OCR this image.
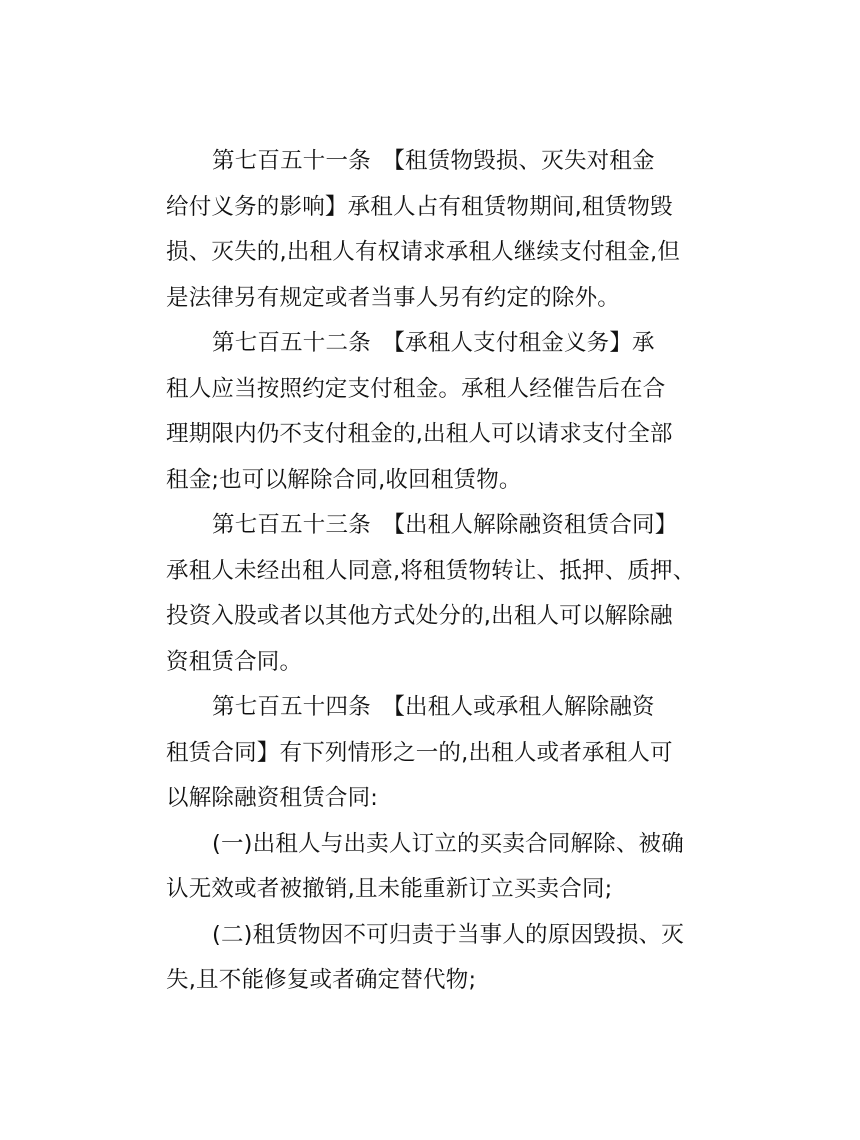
第七百五十一条　【租赁物毁损、灭失对租金
给付义务的影响】承租人占有租赁物期间,租赁物毁
损、灭失的,出租人有权请求承租人继续支付租金,但
是法律另有规定或者当事人另有约定的除外。
第七百五十二条　【承租人支付租金义务】承
租人应当按照约定支付租金。承租人经催告后在合
理期限内仍不支付租金的,出租人可以请求支付全部
租金;也可以解除合同,收回租赁物。
第七百五十三条　【出租人解除融资租赁合同】
承租人未经出租人同意,将租赁物转让、抵押、质押、
投资入股或者以其他方式处分的,出租人可以解除融
资租赁合同。
第七百五十四条　【出租人或承租人解除融资
租赁合同】有下列情形之一的,出租人或者承租人可
以解除融资租赁合同:
(一)出租人与出卖人订立的买卖合同解除、被确
认无效或者被撤销,且未能重新订立买卖合同;
(二)租赁物因不可归责于当事人的原因毁损、灭
失,且不能修复或者确定替代物;
